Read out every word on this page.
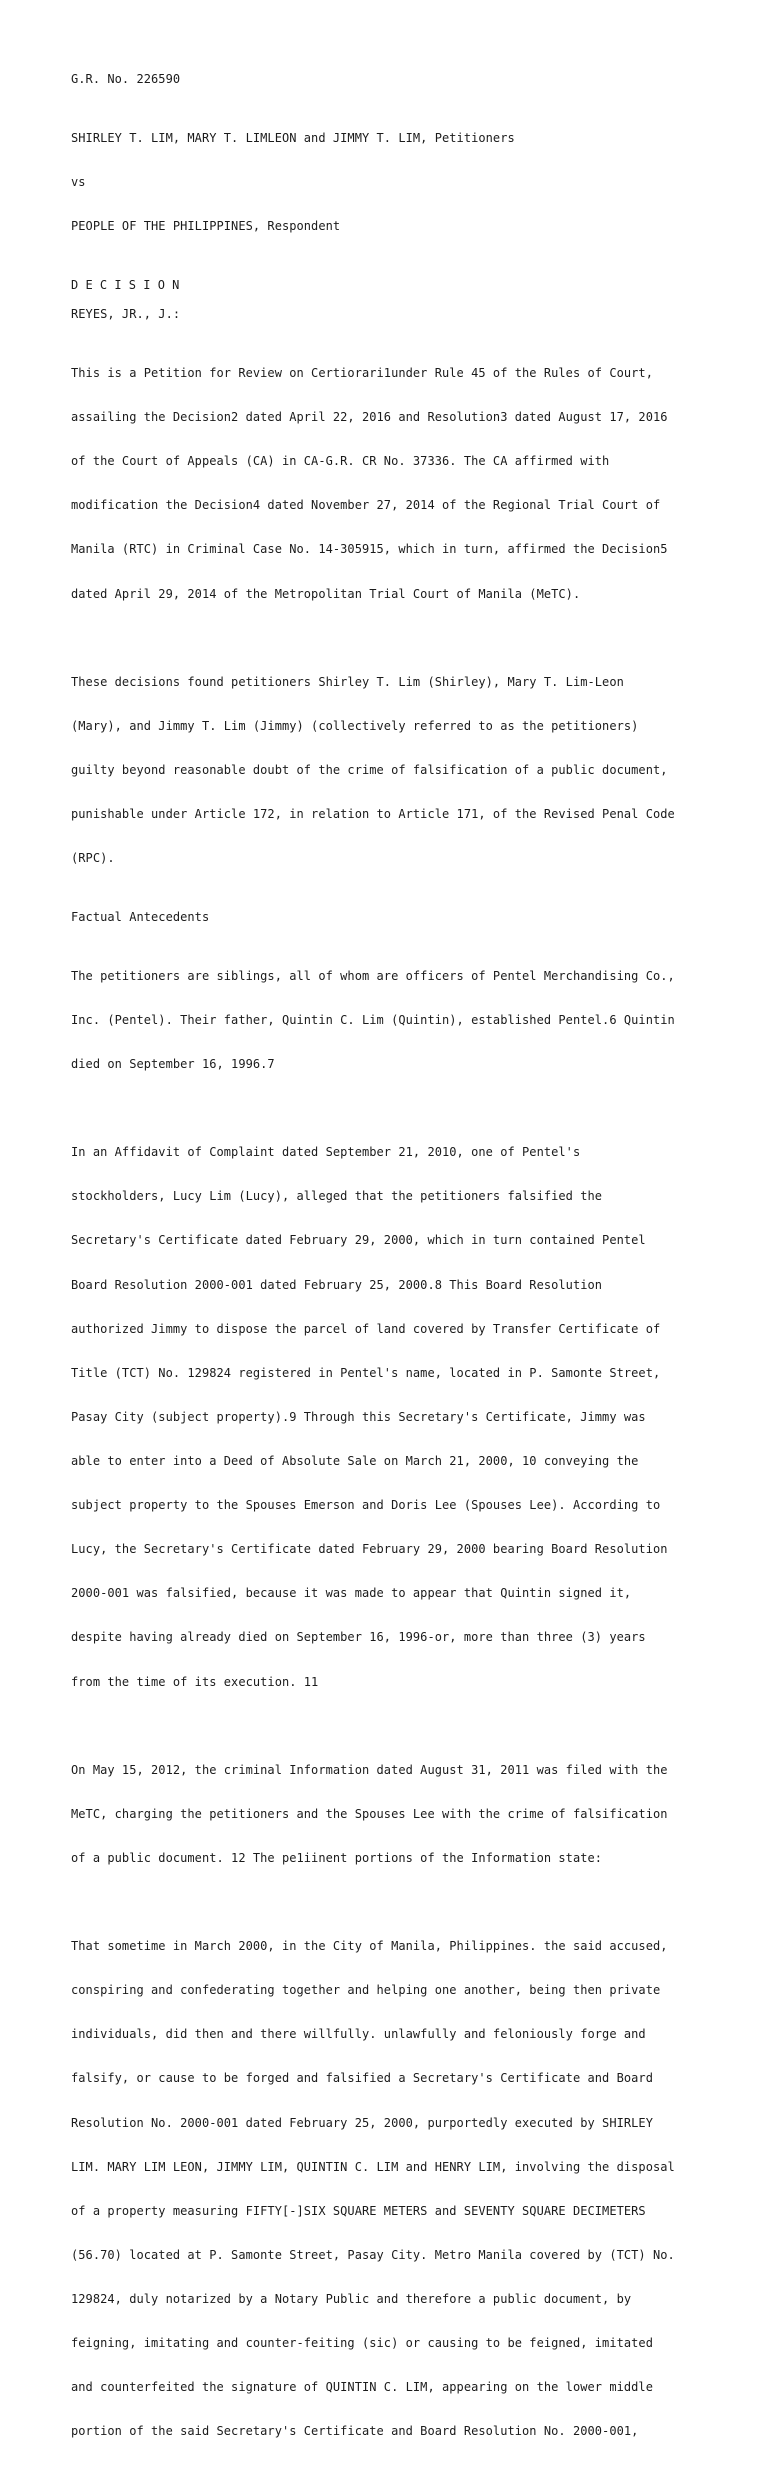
G.R. No. 226590

SHIRLEY T. LIM, MARY T. LIMLEON and JIMMY T. LIM, Petitioners

vs

PEOPLE OF THE PHILIPPINES, Respondent

D E C I S I O N
REYES, JR., J.:

This is a Petition for Review on Certiorari1under Rule 45 of the Rules of Court,

assailing the Decision2 dated April 22, 2016 and Resolution3 dated August 17, 2016

of the Court of Appeals (CA) in CA-G.R. CR No. 37336. The CA affirmed with

modification the Decision4 dated November 27, 2014 of the Regional Trial Court of

Manila (RTC) in Criminal Case No. 14-305915, which in turn, affirmed the Decision5

dated April 29, 2014 of the Metropolitan Trial Court of Manila (MeTC).

These decisions found petitioners Shirley T. Lim (Shirley), Mary T. Lim-Leon

(Mary), and Jimmy T. Lim (Jimmy) (collectively referred to as the petitioners)

guilty beyond reasonable doubt of the crime of falsification of a public document,

punishable under Article 172, in relation to Article 171, of the Revised Penal Code

(RPC).

Factual Antecedents

The petitioners are siblings, all of whom are officers of Pentel Merchandising Co.,

Inc. (Pentel). Their father, Quintin C. Lim (Quintin), established Pentel.6 Quintin

died on September 16, 1996.7

In an Affidavit of Complaint dated September 21, 2010, one of Pentel's

stockholders, Lucy Lim (Lucy), alleged that the petitioners falsified the

Secretary's Certificate dated February 29, 2000, which in turn contained Pentel

Board Resolution 2000-001 dated February 25, 2000.8 This Board Resolution

authorized Jimmy to dispose the parcel of land covered by Transfer Certificate of

Title (TCT) No. 129824 registered in Pentel's name, located in P. Samonte Street,

Pasay City (subject property).9 Through this Secretary's Certificate, Jimmy was

able to enter into a Deed of Absolute Sale on March 21, 2000, 10 conveying the

subject property to the Spouses Emerson and Doris Lee (Spouses Lee). According to

Lucy, the Secretary's Certificate dated February 29, 2000 bearing Board Resolution

2000-001 was falsified, because it was made to appear that Quintin signed it,

despite having already died on September 16, 1996-or, more than three (3) years

from the time of its execution. 11

On May 15, 2012, the criminal Information dated August 31, 2011 was filed with the

MeTC, charging the petitioners and the Spouses Lee with the crime of falsification

of a public document. 12 The pe1iinent portions of the Information state:

That sometime in March 2000, in the City of Manila, Philippines. the said accused,

conspiring and confederating together and helping one another, being then private

individuals, did then and there willfully. unlawfully and feloniously forge and

falsify, or cause to be forged and falsified a Secretary's Certificate and Board

Resolution No. 2000-001 dated February 25, 2000, purportedly executed by SHIRLEY

LIM. MARY LIM LEON, JIMMY LIM, QUINTIN C. LIM and HENRY LIM, involving the disposal

of a property measuring FIFTY[-]SIX SQUARE METERS and SEVENTY SQUARE DECIMETERS

(56.70) located at P. Samonte Street, Pasay City. Metro Manila covered by (TCT) No.

129824, duly notarized by a Notary Public and therefore a public document, by

feigning, imitating and counter-feiting (sic) or causing to be feigned, imitated

and counterfeited the signature of QUINTIN C. LIM, appearing on the lower middle

portion of the said Secretary's Certificate and Board Resolution No. 2000-001,
